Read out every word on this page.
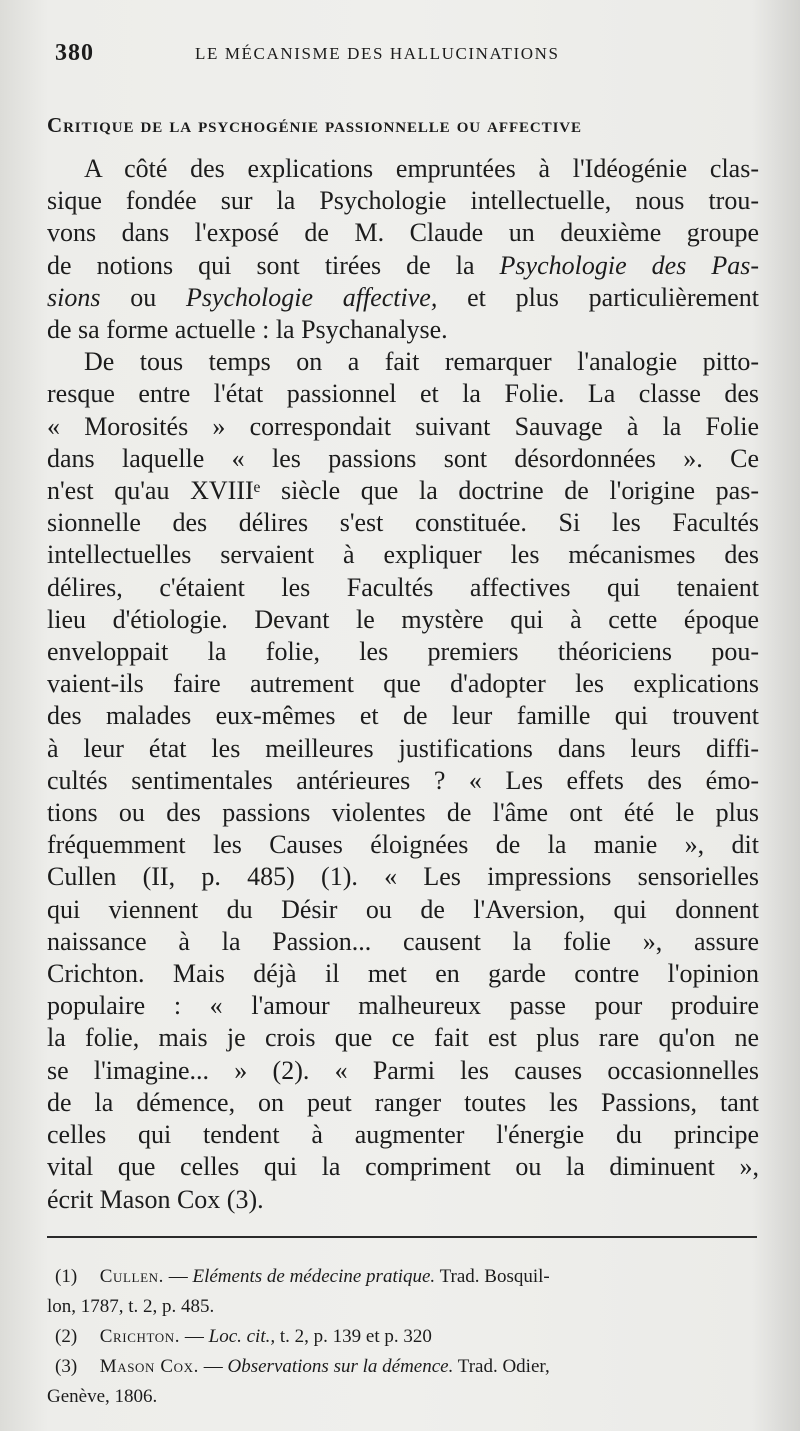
380	LE MÉCANISME DES HALLUCINATIONS
Critique de la psychogénie passionnelle ou affective
A côté des explications empruntées à l'Idéogénie clas-
sique fondée sur la Psychologie intellectuelle, nous trou-
vons dans l'exposé de M. Claude un deuxième groupe
de notions qui sont tirées de la Psychologie des Pas-
sions ou Psychologie affective, et plus particulièrement
de sa forme actuelle : la Psychanalyse.
De tous temps on a fait remarquer l'analogie pitto-
resque entre l'état passionnel et la Folie. La classe des
« Morosités » correspondait suivant Sauvage à la Folie
dans laquelle « les passions sont désordonnées ». Ce
n'est qu'au XVIIIᵉ siècle que la doctrine de l'origine pas-
sionnelle des délires s'est constituée. Si les Facultés
intellectuelles servaient à expliquer les mécanismes des
délires, c'étaient les Facultés affectives qui tenaient
lieu d'étiologie. Devant le mystère qui à cette époque
enveloppait la folie, les premiers théoriciens pou-
vaient-ils faire autrement que d'adopter les explications
des malades eux-mêmes et de leur famille qui trouvent
à leur état les meilleures justifications dans leurs diffi-
cultés sentimentales antérieures ? « Les effets des émo-
tions ou des passions violentes de l'âme ont été le plus
fréquemment les Causes éloignées de la manie », dit
Cullen (II, p. 485) (1). « Les impressions sensorielles
qui viennent du Désir ou de l'Aversion, qui donnent
naissance à la Passion... causent la folie », assure
Crichton. Mais déjà il met en garde contre l'opinion
populaire : « l'amour malheureux passe pour produire
la folie, mais je crois que ce fait est plus rare qu'on ne
se l'imagine... » (2). « Parmi les causes occasionnelles
de la démence, on peut ranger toutes les Passions, tant
celles qui tendent à augmenter l'énergie du principe
vital que celles qui la compriment ou la diminuent »,
écrit Mason Cox (3).
(1) Cullen. — Eléments de médecine pratique. Trad. Bosquil-
lon, 1787, t. 2, p. 485.
(2) Crichton. — Loc. cit., t. 2, p. 139 et p. 320
(3) Mason Cox. — Observations sur la démence. Trad. Odier,
Genève, 1806.
